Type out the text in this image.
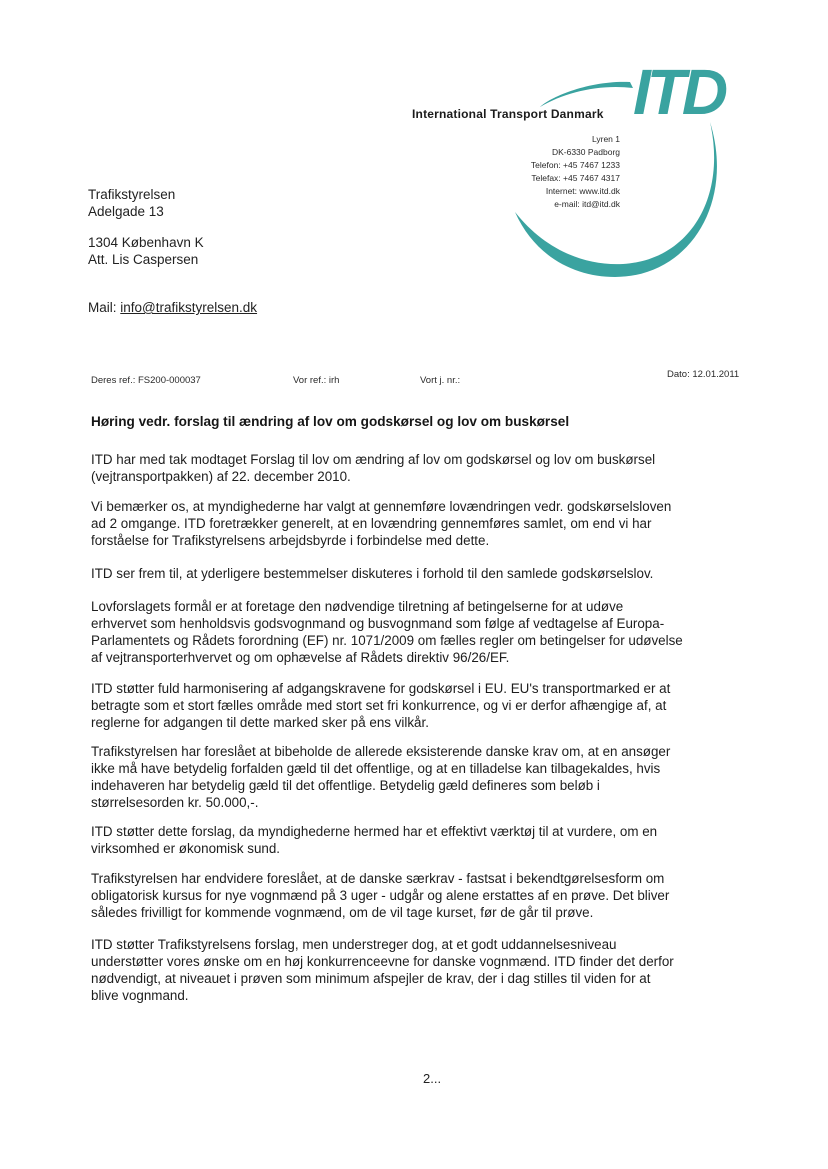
ITD
International Transport Danmark
Lyren 1
DK-6330 Padborg
Telefon: +45 7467 1233
Telefax: +45 7467 4317
Internet: www.itd.dk
e-mail: itd@itd.dk
Trafikstyrelsen
Adelgade 13
1304 København K
Att. Lis Caspersen
Mail: info@trafikstyrelsen.dk
Deres ref.: FS200-000037	Vor ref.: irh	Vort j. nr.:
Dato: 12.01.2011
Høring vedr. forslag til ændring af lov om godskørsel og lov om buskørsel

ITD har med tak modtaget Forslag til lov om ændring af lov om godskørsel og lov om buskørsel

(vejtransportpakken) af 22. december 2010.

Vi bemærker os, at myndighederne har valgt at gennemføre lovændringen vedr. godskørselsloven

ad 2 omgange. ITD foretrækker generelt, at en lovændring gennemføres samlet, om end vi har

forståelse for Trafikstyrelsens arbejdsbyrde i forbindelse med dette.

ITD ser frem til, at yderligere bestemmelser diskuteres i forhold til den samlede godskørselslov.

Lovforslagets formål er at foretage den nødvendige tilretning af betingelserne for at udøve

erhvervet som henholdsvis godsvognmand og busvognmand som følge af vedtagelse af Europa-

Parlamentets og Rådets forordning (EF) nr. 1071/2009 om fælles regler om betingelser for udøvelse

af vejtransporterhvervet og om ophævelse af Rådets direktiv 96/26/EF.

ITD støtter fuld harmonisering af adgangskravene for godskørsel i EU. EU's transportmarked er at

betragte som et stort fælles område med stort set fri konkurrence, og vi er derfor afhængige af, at

reglerne for adgangen til dette marked sker på ens vilkår.

Trafikstyrelsen har foreslået at bibeholde de allerede eksisterende danske krav om, at en ansøger

ikke må have betydelig forfalden gæld til det offentlige, og at en tilladelse kan tilbagekaldes, hvis

indehaveren har betydelig gæld til det offentlige. Betydelig gæld defineres som beløb i

størrelsesorden kr. 50.000,-.

ITD støtter dette forslag, da myndighederne hermed har et effektivt værktøj til at vurdere, om en

virksomhed er økonomisk sund.

Trafikstyrelsen har endvidere foreslået, at de danske særkrav - fastsat i bekendtgørelsesform om

obligatorisk kursus for nye vognmænd på 3 uger - udgår og alene erstattes af en prøve. Det bliver

således frivilligt for kommende vognmænd, om de vil tage kurset, før de går til prøve.

ITD støtter Trafikstyrelsens forslag, men understreger dog, at et godt uddannelsesniveau

understøtter vores ønske om en høj konkurrenceevne for danske vognmænd. ITD finder det derfor

nødvendigt, at niveauet i prøven som minimum afspejler de krav, der i dag stilles til viden for at

blive vognmand.

2...
